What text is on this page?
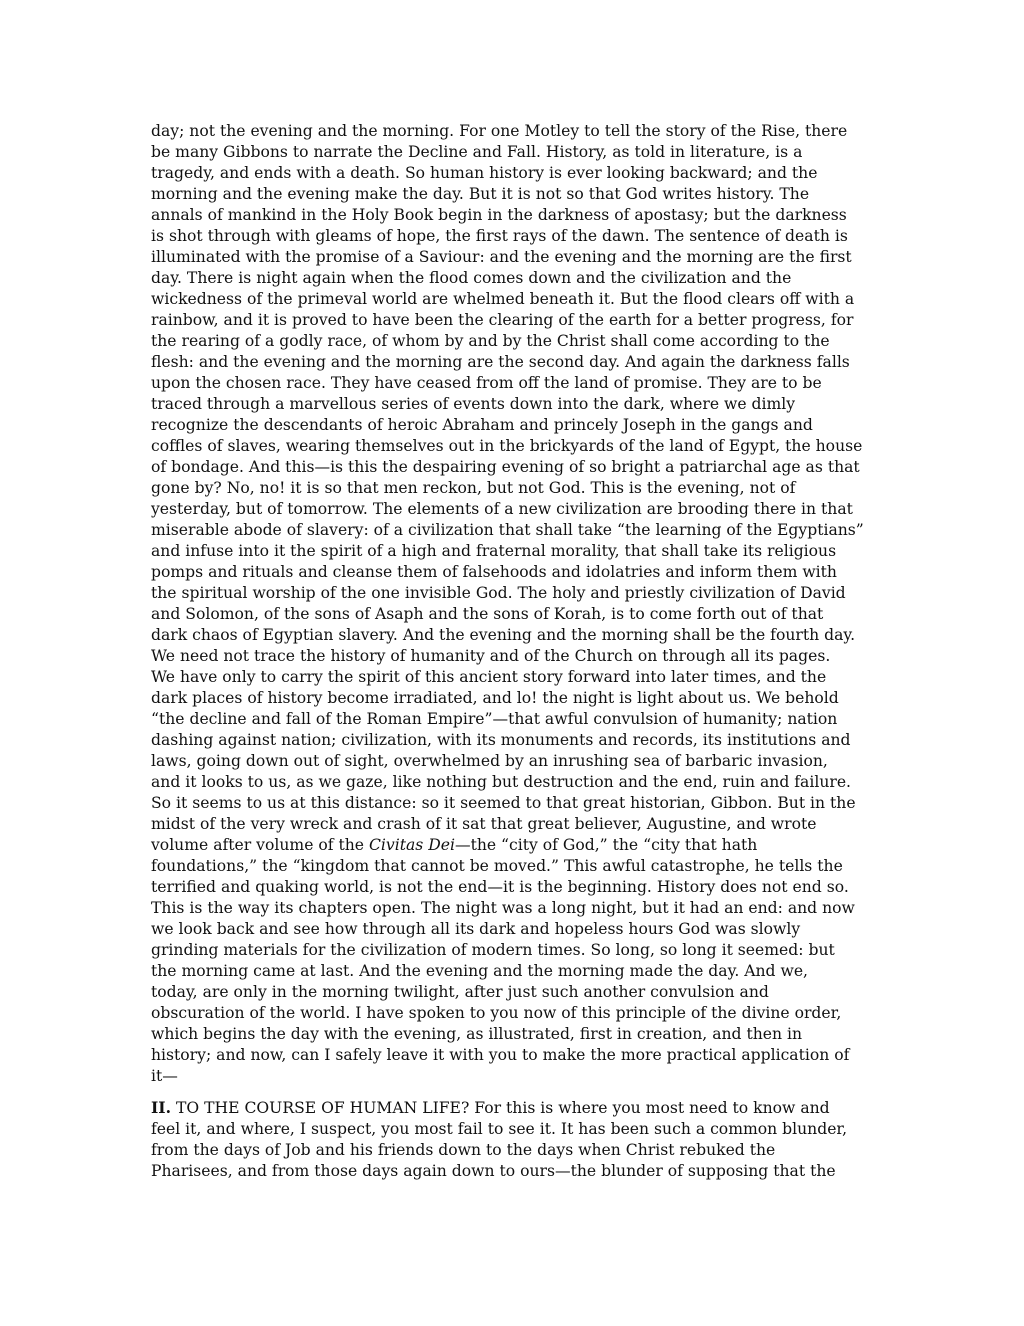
day; not the evening and the morning. For one Motley to tell the story of the Rise, there
be many Gibbons to narrate the Decline and Fall. History, as told in literature, is a
tragedy, and ends with a death. So human history is ever looking backward; and the
morning and the evening make the day. But it is not so that God writes history. The
annals of mankind in the Holy Book begin in the darkness of apostasy; but the darkness
is shot through with gleams of hope, the first rays of the dawn. The sentence of death is
illuminated with the promise of a Saviour: and the evening and the morning are the first
day. There is night again when the flood comes down and the civilization and the
wickedness of the primeval world are whelmed beneath it. But the flood clears off with a
rainbow, and it is proved to have been the clearing of the earth for a better progress, for
the rearing of a godly race, of whom by and by the Christ shall come according to the
flesh: and the evening and the morning are the second day. And again the darkness falls
upon the chosen race. They have ceased from off the land of promise. They are to be
traced through a marvellous series of events down into the dark, where we dimly
recognize the descendants of heroic Abraham and princely Joseph in the gangs and
coffles of slaves, wearing themselves out in the brickyards of the land of Egypt, the house
of bondage. And this—is this the despairing evening of so bright a patriarchal age as that
gone by? No, no! it is so that men reckon, but not God. This is the evening, not of
yesterday, but of tomorrow. The elements of a new civilization are brooding there in that
miserable abode of slavery: of a civilization that shall take “the learning of the Egyptians”
and infuse into it the spirit of a high and fraternal morality, that shall take its religious
pomps and rituals and cleanse them of falsehoods and idolatries and inform them with
the spiritual worship of the one invisible God. The holy and priestly civilization of David
and Solomon, of the sons of Asaph and the sons of Korah, is to come forth out of that
dark chaos of Egyptian slavery. And the evening and the morning shall be the fourth day.
We need not trace the history of humanity and of the Church on through all its pages.
We have only to carry the spirit of this ancient story forward into later times, and the
dark places of history become irradiated, and lo! the night is light about us. We behold
“the decline and fall of the Roman Empire”—that awful convulsion of humanity; nation
dashing against nation; civilization, with its monuments and records, its institutions and
laws, going down out of sight, overwhelmed by an inrushing sea of barbaric invasion,
and it looks to us, as we gaze, like nothing but destruction and the end, ruin and failure.
So it seems to us at this distance: so it seemed to that great historian, Gibbon. But in the
midst of the very wreck and crash of it sat that great believer, Augustine, and wrote
volume after volume of the Civitas Dei—the “city of God,” the “city that hath
foundations,” the “kingdom that cannot be moved.” This awful catastrophe, he tells the
terrified and quaking world, is not the end—it is the beginning. History does not end so.
This is the way its chapters open. The night was a long night, but it had an end: and now
we look back and see how through all its dark and hopeless hours God was slowly
grinding materials for the civilization of modern times. So long, so long it seemed: but
the morning came at last. And the evening and the morning made the day. And we,
today, are only in the morning twilight, after just such another convulsion and
obscuration of the world. I have spoken to you now of this principle of the divine order,
which begins the day with the evening, as illustrated, first in creation, and then in
history; and now, can I safely leave it with you to make the more practical application of
it—

II. TO THE COURSE OF HUMAN LIFE? For this is where you most need to know and
feel it, and where, I suspect, you most fail to see it. It has been such a common blunder,
from the days of Job and his friends down to the days when Christ rebuked the
Pharisees, and from those days again down to ours—the blunder of supposing that the
